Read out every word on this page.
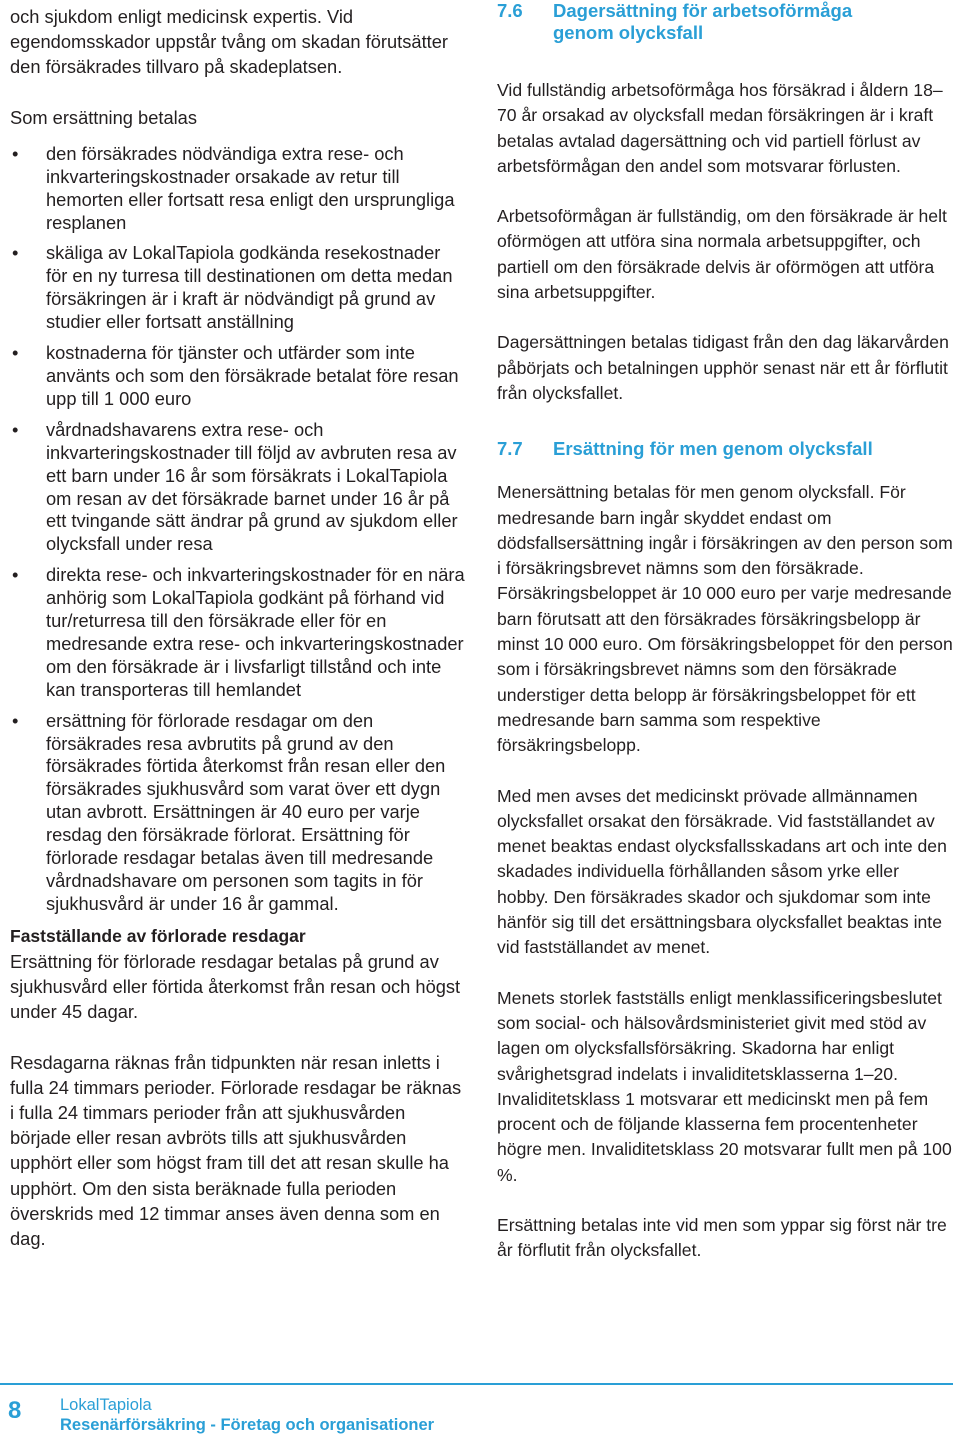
och sjukdom enligt medicinsk expertis. Vid egendomsskador uppstår tvång om skadan förutsätter den försäkrades tillvaro på skadeplatsen.

Som ersättning betalas

• den försäkrades nödvändiga extra rese- och inkvarteringskostnader orsakade av retur till hemorten eller fortsatt resa enligt den ursprungliga resplanen
• skäliga av LokalTapiola godkända resekostnader för en ny turresa till destinationen om detta medan försäkringen är i kraft är nödvändigt på grund av studier eller fortsatt anställning
• kostnaderna för tjänster och utfärder som inte använts och som den försäkrade betalat före resan upp till 1 000 euro
• vårdnadshavarens extra rese- och inkvarteringskostnader till följd av avbruten resa av ett barn under 16 år som försäkrats i LokalTapiola om resan av det försäkrade barnet under 16 år på ett tvingande sätt ändrar på grund av sjukdom eller olycksfall under resa
• direkta rese- och inkvarteringskostnader för en nära anhörig som LokalTapiola godkänt på förhand vid tur/returresa till den försäkrade eller för en medresande extra rese- och inkvarteringskostnader om den försäkrade är i livsfarligt tillstånd och inte kan transporteras till hemlandet
• ersättning för förlorade resdagar om den försäkrades resa avbrutits på grund av den försäkrades förtida återkomst från resan eller den försäkrades sjukhusvård som varat över ett dygn utan avbrott. Ersättningen är 40 euro per varje resdag den försäkrade förlorat. Ersättning för förlorade resdagar betalas även till medresande vårdnadshavare om personen som tagits in för sjukhusvård är under 16 år gammal.

Fastställande av förlorade resdagar

Ersättning för förlorade resdagar betalas på grund av sjukhusvård eller förtida återkomst från resan och högst under 45 dagar.

Resdagarna räknas från tidpunkten när resan inletts i fulla 24 timmars perioder. Förlorade resdagar be räknas i fulla 24 timmars perioder från att sjukhusvården började eller resan avbröts tills att sjukhusvården upphört eller som högst fram till det att resan skulle ha upphört. Om den sista beräknade fulla perioden överskrids med 12 timmar anses även denna som en dag.

7.6	Dagersättning för arbetsoförmåga genom olycksfall

Vid fullständig arbetsoförmåga hos försäkrad i åldern 18–70 år orsakad av olycksfall medan försäkringen är i kraft betalas avtalad dagersättning och vid partiell förlust av arbetsförmågan den andel som motsvarar förlusten.

Arbetsoförmågan är fullständig, om den försäkrade är helt oförmögen att utföra sina normala arbetsuppgifter, och partiell om den försäkrade delvis är oförmögen att utföra sina arbetsuppgifter.

Dagersättningen betalas tidigast från den dag läkarvården påbörjats och betalningen upphör senast när ett år förflutit från olycksfallet.

7.7	Ersättning för men genom olycksfall

Menersättning betalas för men genom olycksfall. För medresande barn ingår skyddet endast om dödsfallsersättning ingår i försäkringen av den person som i försäkringsbrevet nämns som den försäkrade. Försäkringsbeloppet är 10 000 euro per varje medresande barn förutsatt att den försäkrades försäkringsbelopp är minst 10 000 euro. Om försäkringsbeloppet för den person som i försäkringsbrevet nämns som den försäkrade understiger detta belopp är försäkringsbeloppet för ett medresande barn samma som respektive försäkringsbelopp.

Med men avses det medicinskt prövade allmännamen olycksfallet orsakat den försäkrade. Vid fastställandet av menet beaktas endast olycksfallsskadans art och inte den skadades individuella förhållanden såsom yrke eller hobby. Den försäkrades skador och sjukdomar som inte hänför sig till det ersättningsbara olycksfallet beaktas inte vid fastställandet av menet.

Menets storlek fastställs enligt menklassificeringsbeslutet som social- och hälsovårdsministeriet givit med stöd av lagen om olycksfallsförsäkring. Skadorna har enligt svårighetsgrad indelats i invaliditetsklasserna 1–20. Invaliditetsklass 1 motsvarar ett medicinskt men på fem procent och de följande klasserna fem procentenheter högre men. Invaliditetsklass 20 motsvarar fullt men på 100 %.

Ersättning betalas inte vid men som yppar sig först när tre år förflutit från olycksfallet.

8 LokalTapiola
Resenärförsäkring - Företag och organisationer
